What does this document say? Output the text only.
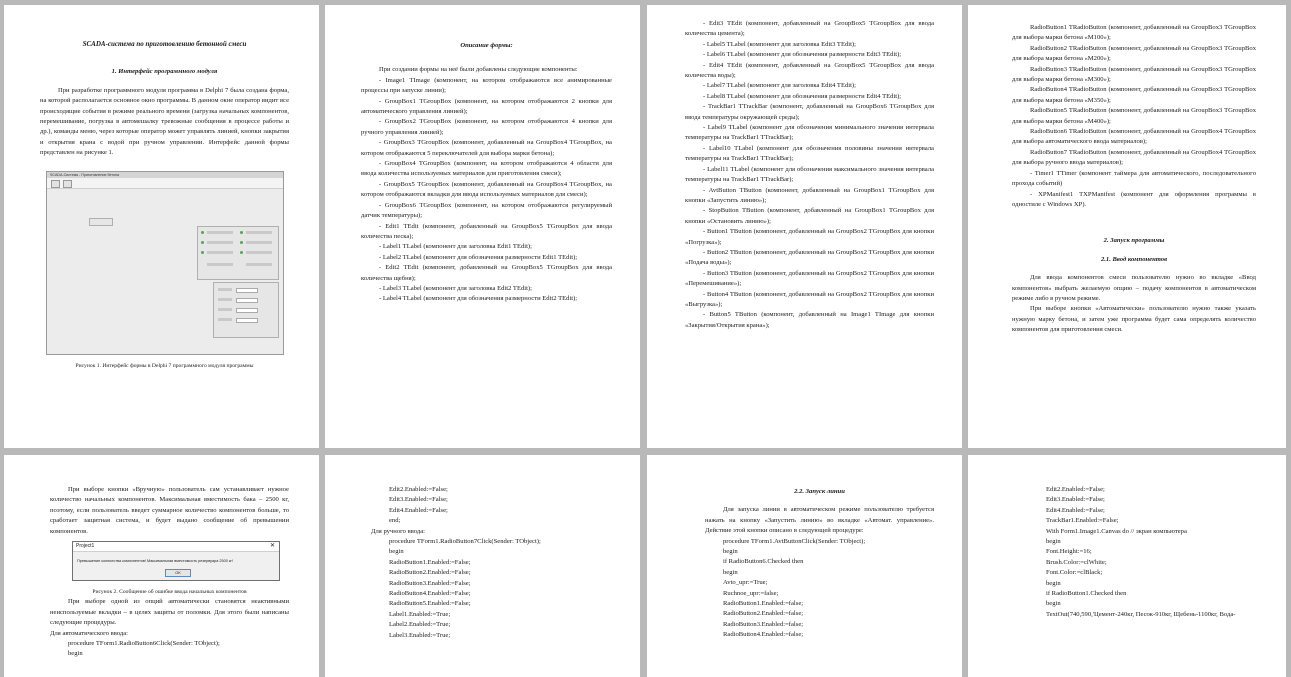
SCADA-система по приготовлению бетонной смеси
1. Интерфейс программного модуля

При разработке программного модуля программа в Delphi 7 была создана форма, на которой располагается основное окно программы. В данном окне оператор видит все происходящие события в режиме реального времени (загрузка начальных компонентов, перемешивание, погрузка в автомешалку тревожные сообщения в процессе работы и др.), команды меню, через которые оператор может управлять линией, кнопки закрытия и открытия крана с водой при ручном управлении. Интерфейс данной формы представлен на рисунке 1.

SCADA-Система - Приготовление бетона
Рисунок 1. Интерфейс формы в Delphi 7 программного модуля программы
Описание формы:

При создании формы на неё были добавлены следующие компоненты:

- Image1 TImage (компонент, на котором отображаются все анимированные процессы при запуске линии);

- GroupBox1 TGroupBox (компонент, на котором отображаются 2 кнопки для автоматического управления линией);

- GroupBox2 TGroupBox (компонент, на котором отображаются 4 кнопки для ручного управления линией);

- GroupBox3 TGroupBox (компонент, добавленный на GroupBox4 TGroupBox, на котором отображаются 5 переключателей для выбора марки бетона);

- GroupBox4 TGroupBox (компонент, на котором отображаются 4 области для ввода количества используемых материалов для приготовления смеси);

- GroupBox5 TGroupBox (компонент, добавленный на GroupBox4 TGroupBox, на котором отображаются вкладки для ввода используемых материалов для смеси);

- GroupBox6 TGroupBox (компонент, на котором отображаются регулируемый датчик температуры);

- Edit1 TEdit (компонент, добавленный на GroupBox5 TGroupBox для ввода количества песка);

- Label1 TLabel (компонент для заголовка Edit1 TEdit);

- Label2 TLabel (компонент для обозначения размерности Edit1 TEdit);

- Edit2 TEdit (компонент, добавленный на GroupBox5 TGroupBox для ввода количества щебня);

- Label3 TLabel (компонент для заголовка Edit2 TEdit);

- Label4 TLabel (компонент для обозначения размерности Edit2 TEdit);

- Edit3 TEdit (компонент, добавленный на GroupBox5 TGroupBox для ввода количества цемента);

- Label5 TLabel (компонент для заголовка Edit3 TEdit);

- Label6 TLabel (компонент для обозначения размерности Edit3 TEdit);

- Edit4 TEdit (компонент, добавленный на GroupBox5 TGroupBox для ввода количества воды);

- Label7 TLabel (компонент для заголовка Edit4 TEdit);

- Label8 TLabel (компонент для обозначения размерности Edit4 TEdit);

- TrackBar1 TTrackBar (компонент, добавленный на GroupBox6 TGroupBox для ввода температуры окружающей среды);

- Label9 TLabel (компонент для обозначения минимального значения интервала температуры на TrackBar1 TTrackBar);

- Label10 TLabel (компонент для обозначения половины значения интервала температуры на TrackBar1 TTrackBar);

- Label11 TLabel (компонент для обозначения максимального значения интервала температуры на TrackBar1 TTrackBar);

- AvtButton TButton (компонент, добавленный на GroupBox1 TGroupBox для кнопки «Запустить линию»);

- StopButton TButton (компонент, добавленный на GroupBox1 TGroupBox для кнопки «Остановить линию»);

- Button1 TButton (компонент, добавленный на GroupBox2 TGroupBox для кнопки «Погрузка»);

- Button2 TButton (компонент, добавленный на GroupBox2 TGroupBox для кнопки «Подача воды»);

- Button3 TButton (компонент, добавленный на GroupBox2 TGroupBox для кнопки «Перемешивание»);

- Button4 TButton (компонент, добавленный на GroupBox2 TGroupBox для кнопки «Выгрузка»);

- Button5 TButton (компонент, добавленный на Image1 TImage для кнопки «Закрытия/Открытия крана»);

RadioButton1 TRadioButton (компонент, добавленный на GroupBox3 TGroupBox для выбора марки бетона «М100»);

RadioButton2 TRadioButton (компонент, добавленный на GroupBox3 TGroupBox для выбора марки бетона «М200»);

RadioButton3 TRadioButton (компонент, добавленный на GroupBox3 TGroupBox для выбора марки бетона «М300»);

RadioButton4 TRadioButton (компонент, добавленный на GroupBox3 TGroupBox для выбора марки бетона «М350»);

RadioButton5 TRadioButton (компонент, добавленный на GroupBox3 TGroupBox для выбора марки бетона «М400»);

RadioButton6 TRadioButton (компонент, добавленный на GroupBox4 TGroupBox для выбора автоматического ввода материалов);

RadioButton7 TRadioButton (компонент, добавленный на GroupBox4 TGroupBox для выбора ручного ввода материалов);

- Timer1 TTimer (компонент таймера для автоматического, последовательного прохода событий)

- XPManifest1 TXPManifest (компонент для оформления программы в одностиле с Windows XP).

2. Запуск программы
2.1. Ввод компонентов

Для ввода компонентов смеси пользователю нужно во вкладке «Ввод компонентов» выбрать желаемую опцию – подачу компонентов в автоматическом режиме либо в ручном режиме.

При выборе кнопки «Автоматически» пользователю нужно также указать нужную марку бетона, и затем уже программа будет сама определять количество компонентов для приготовления смеси.

При выборе кнопки «Вручную» пользователь сам устанавливает нужное количество начальных компонентов. Максимальная вместимость бака – 2500 кг, поэтому, если пользователь введет суммарное количество компонентов больше, то сработает защитная система, и будет выдано сообщение об превышении компонентов.

Project1	✕
Превышение количества компонентов! Максимальная вместимость резервуара 2500 кг!
OK
Рисунок 2. Сообщение об ошибке ввода начальных компонентов

При выборе одной из опций автоматически становятся неактивными неиспользуемые вкладки – в целях защиты от поломки. Для этого были написаны следующие процедуры.

Для автоматического ввода:

procedure TForm1.RadioButton6Click(Sender: TObject);

begin

Edit2.Enabled:=False;

Edit3.Enabled:=False;

Edit4.Enabled:=False;

end;

Для ручного ввода:

procedure TForm1.RadioButton7Click(Sender: TObject);

begin

RadioButton1.Enabled:=False;

RadioButton2.Enabled:=False;

RadioButton3.Enabled:=False;

RadioButton4.Enabled:=False;

RadioButton5.Enabled:=False;

Label1.Enabled:=True;

Label2.Enabled:=True;

Label3.Enabled:=True;

2.2. Запуск линии

Для запуска линии в автоматическом режиме пользователю требуется нажать на кнопку «Запустить линию» во вкладке «Автомат. управление». Действие этой кнопки описано в следующей процедуре:

procedure TForm1.AvtButtonClick(Sender: TObject);

begin

if RadioButton6.Checked then

begin

Avto_upr:=True;

Ruchnoe_upr:=false;

RadioButton1.Enabled:=false;

RadioButton2.Enabled:=false;

RadioButton3.Enabled:=false;

RadioButton4.Enabled:=false;

Edit2.Enabled:=False;

Edit3.Enabled:=False;

Edit4.Enabled:=False;

TrackBar1.Enabled:=False;

With Form1.Image1.Canvas do // экран компьютера

begin

Font.Height:=16;

Brush.Color:=clWhite;

Font.Color:=clBlack;

begin

if RadioButton1.Checked then

begin

TextOut(740,590,'Цемент-240кг, Песок-910кг, Щебень-1100кг, Вода-
